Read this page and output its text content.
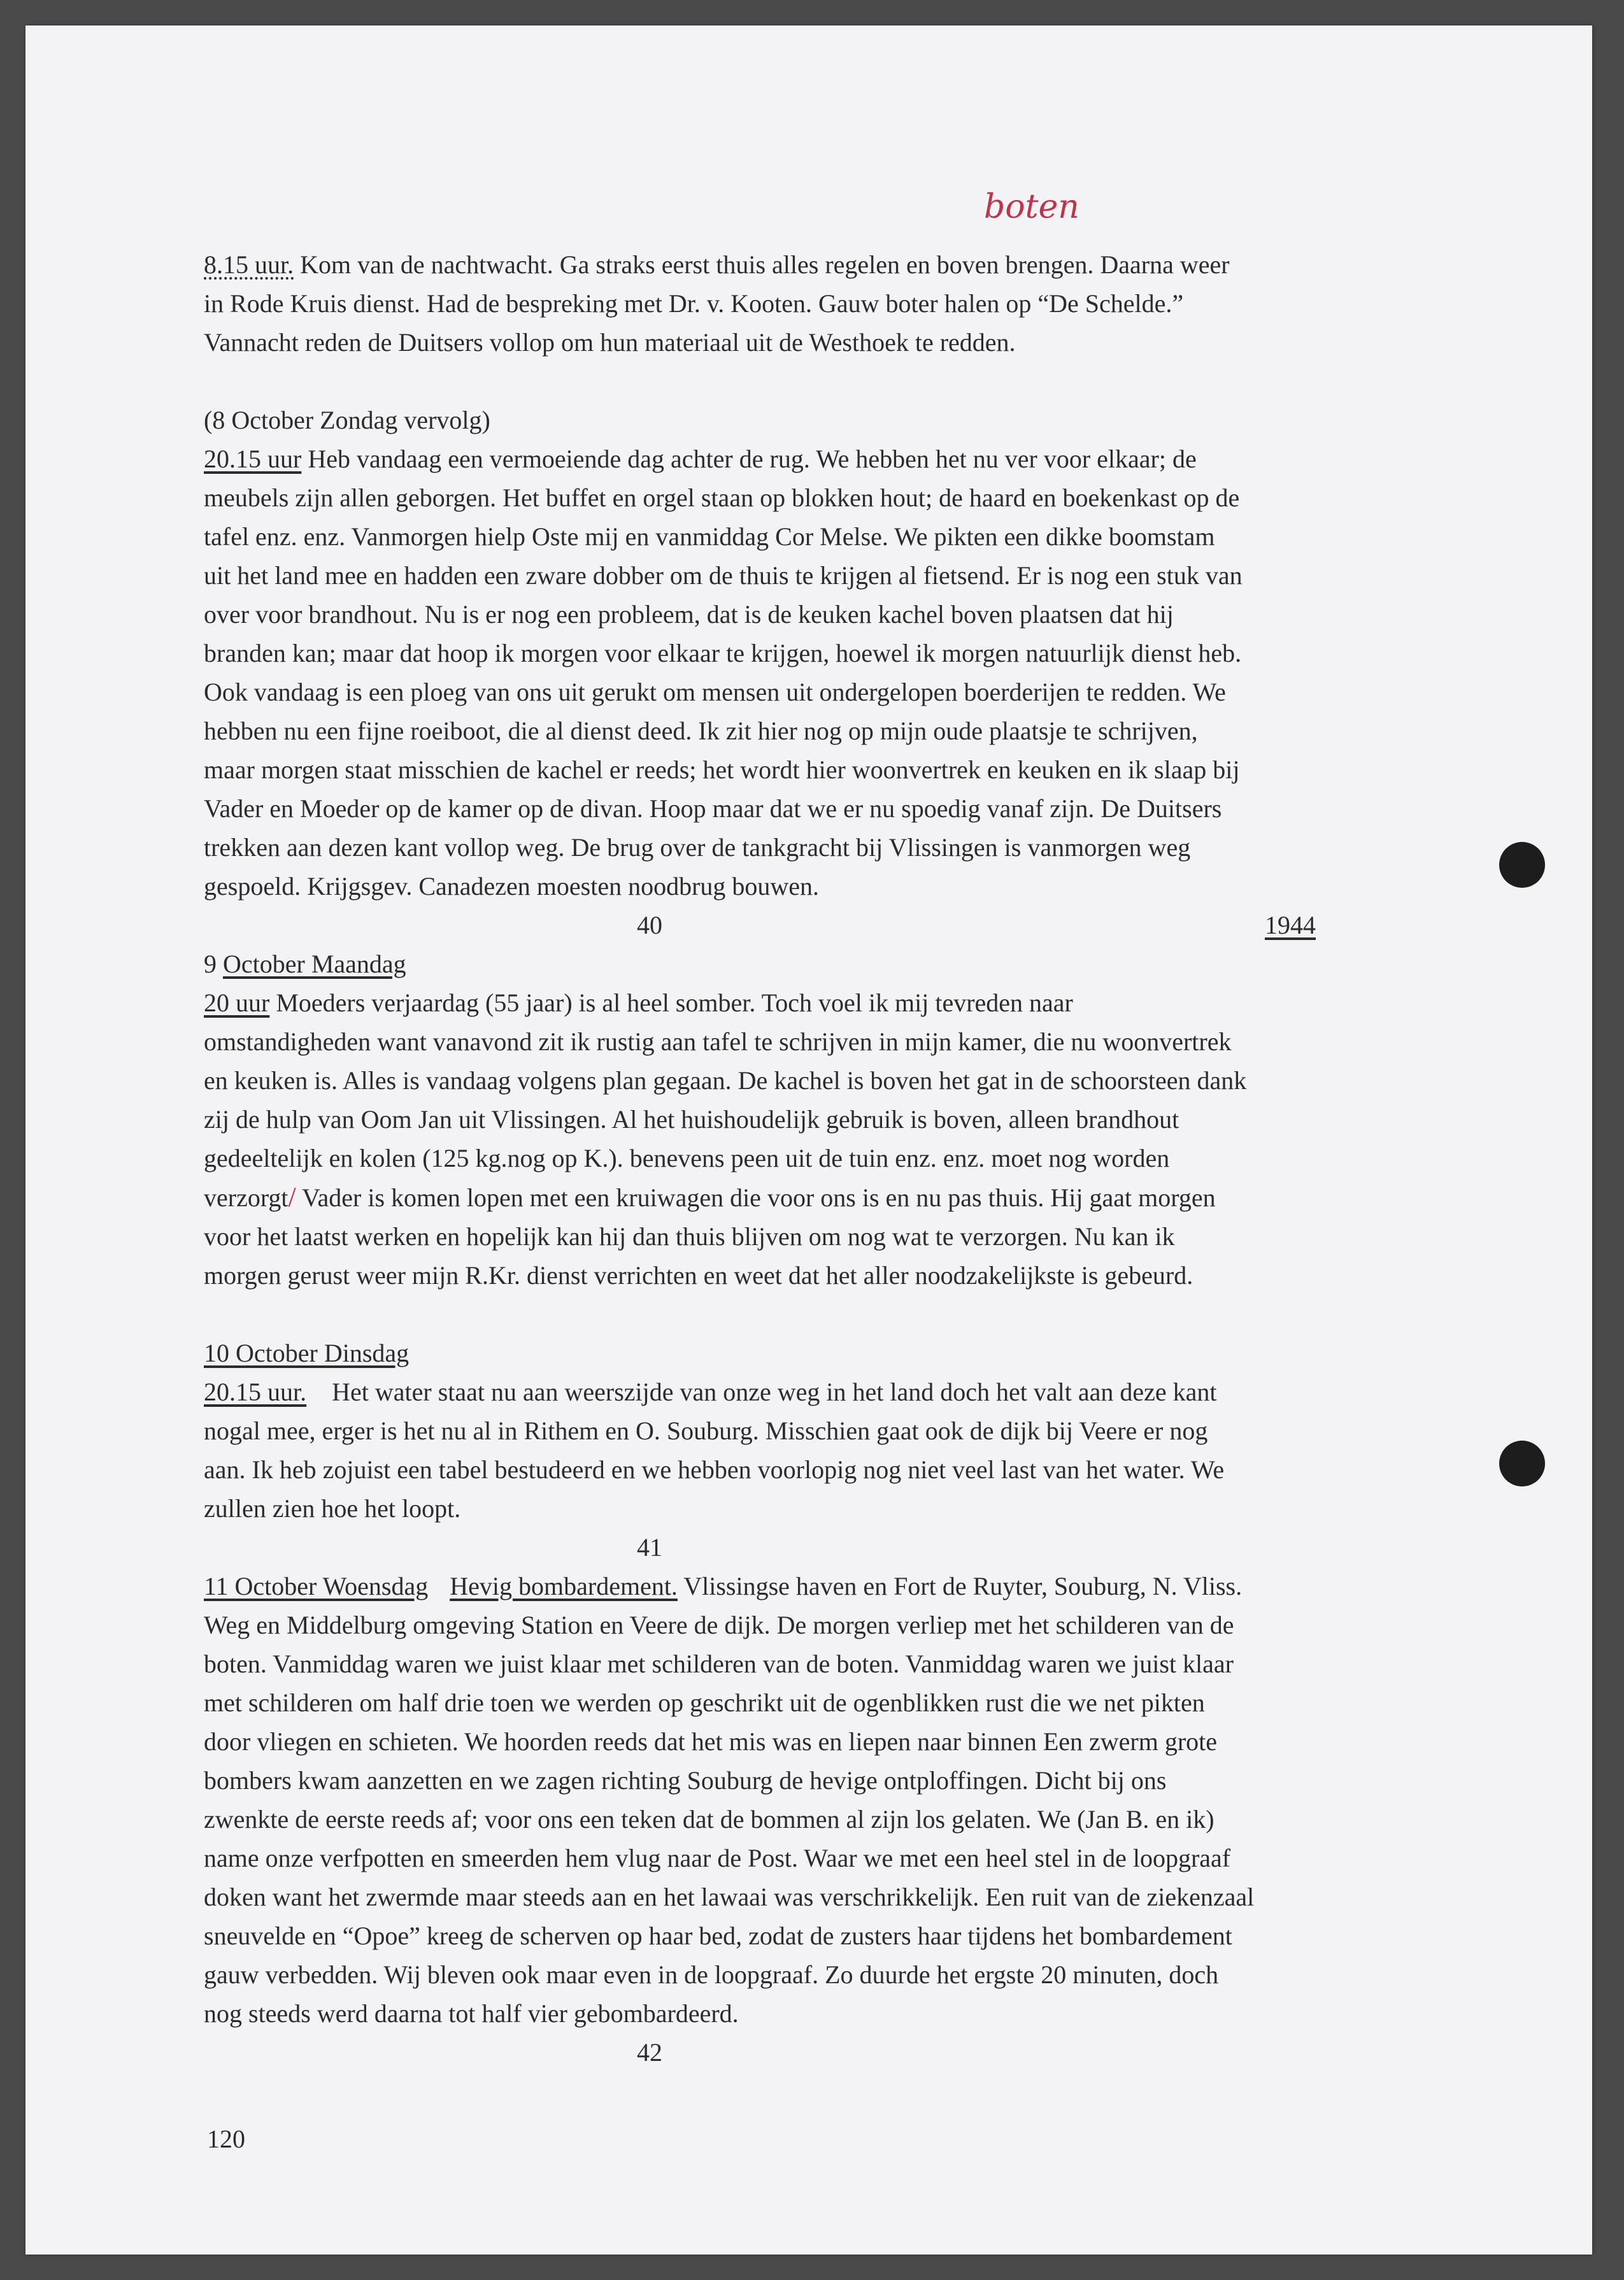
boten

8.15 uur. Kom van de nachtwacht. Ga straks eerst thuis alles regelen en boven brengen. Daarna weer

in Rode Kruis dienst. Had de bespreking met Dr. v. Kooten. Gauw boter halen op “De Schelde.”

Vannacht reden de Duitsers vollop om hun materiaal uit de Westhoek te redden.

(8 October Zondag vervolg)

20.15 uur Heb vandaag een vermoeiende dag achter de rug. We hebben het nu ver voor elkaar; de

meubels zijn allen geborgen. Het buffet en orgel staan op blokken hout; de haard en boekenkast op de

tafel enz. enz. Vanmorgen hielp Oste mij en vanmiddag Cor Melse. We pikten een dikke boomstam

uit het land mee en hadden een zware dobber om de thuis te krijgen al fietsend. Er is nog een stuk van

over voor brandhout. Nu is er nog een probleem, dat is de keuken kachel boven plaatsen dat hij

branden kan; maar dat hoop ik morgen voor elkaar te krijgen, hoewel ik morgen natuurlijk dienst heb.

Ook vandaag is een ploeg van ons uit gerukt om mensen uit ondergelopen boerderijen te redden. We

hebben nu een fijne roeiboot, die al dienst deed. Ik zit hier nog op mijn oude plaatsje te schrijven,

maar morgen staat misschien de kachel er reeds; het wordt hier woonvertrek en keuken en ik slaap bij

Vader en Moeder op de kamer op de divan. Hoop maar dat we er nu spoedig vanaf zijn. De Duitsers

trekken aan dezen kant vollop weg. De brug over de tankgracht bij Vlissingen is vanmorgen weg

gespoeld. Krijgsgev. Canadezen moesten noodbrug bouwen.

40	1944

9 October Maandag

20 uur Moeders verjaardag (55 jaar) is al heel somber. Toch voel ik mij tevreden naar

omstandigheden want vanavond zit ik rustig aan tafel te schrijven in mijn kamer, die nu woonvertrek

en keuken is. Alles is vandaag volgens plan gegaan. De kachel is boven het gat in de schoorsteen dank

zij de hulp van Oom Jan uit Vlissingen. Al het huishoudelijk gebruik is boven, alleen brandhout

gedeeltelijk en kolen (125 kg.nog op K.). benevens peen uit de tuin enz. enz. moet nog worden

verzorgt/ Vader is komen lopen met een kruiwagen die voor ons is en nu pas thuis. Hij gaat morgen

voor het laatst werken en hopelijk kan hij dan thuis blijven om nog wat te verzorgen. Nu kan ik

morgen gerust weer mijn R.Kr. dienst verrichten en weet dat het aller noodzakelijkste is gebeurd.

10 October Dinsdag

20.15 uur.    Het water staat nu aan weerszijde van onze weg in het land doch het valt aan deze kant

nogal mee, erger is het nu al in Rithem en O. Souburg. Misschien gaat ook de dijk bij Veere er nog

aan. Ik heb zojuist een tabel bestudeerd en we hebben voorlopig nog niet veel last van het water. We

zullen zien hoe het loopt.

41

11 October Woensdag Hevig bombardement. Vlissingse haven en Fort de Ruyter, Souburg, N. Vliss.

Weg en Middelburg omgeving Station en Veere de dijk. De morgen verliep met het schilderen van de

boten. Vanmiddag waren we juist klaar met schilderen van de boten. Vanmiddag waren we juist klaar

met schilderen om half drie toen we werden op geschrikt uit de ogenblikken rust die we net pikten

door vliegen en schieten. We hoorden reeds dat het mis was en liepen naar binnen Een zwerm grote

bombers kwam aanzetten en we zagen richting Souburg de hevige ontploffingen. Dicht bij ons

zwenkte de eerste reeds af; voor ons een teken dat de bommen al zijn los gelaten. We (Jan B. en ik)

name onze verfpotten en smeerden hem vlug naar de Post. Waar we met een heel stel in de loopgraaf

doken want het zwermde maar steeds aan en het lawaai was verschrikkelijk. Een ruit van de ziekenzaal

sneuvelde en “Opoe” kreeg de scherven op haar bed, zodat de zusters haar tijdens het bombardement

gauw verbedden. Wij bleven ook maar even in de loopgraaf. Zo duurde het ergste 20 minuten, doch

nog steeds werd daarna tot half vier gebombardeerd.

42

120
